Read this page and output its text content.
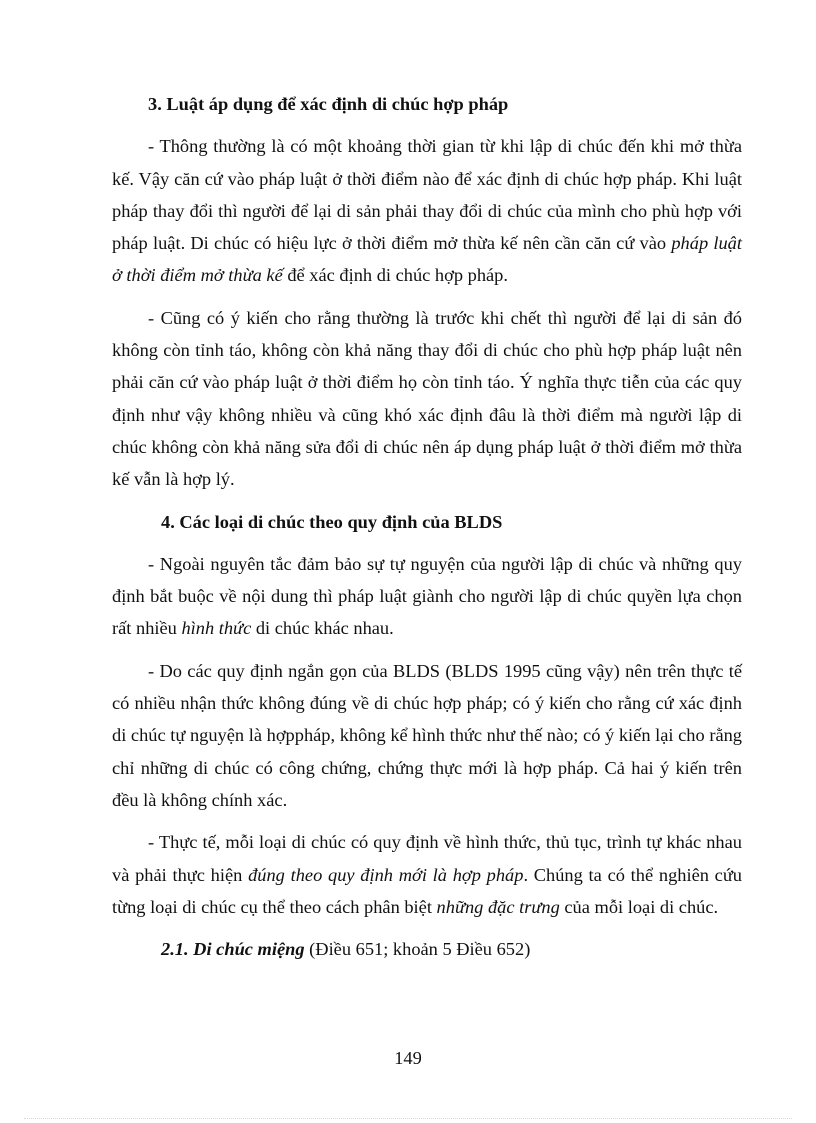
3. Luật áp dụng để xác định di chúc hợp pháp

- Thông thường là có một khoảng thời gian từ khi lập di chúc đến khi mở thừa kế. Vậy căn cứ vào pháp luật ở thời điểm nào để xác định di chúc hợp pháp. Khi luật pháp thay đổi thì người để lại di sản phải thay đổi di chúc của mình cho phù hợp với pháp luật. Di chúc có hiệu lực ở thời điểm mở thừa kế nên cần căn cứ vào pháp luật ở thời điểm mở thừa kế để xác định di chúc hợp pháp.

- Cũng có ý kiến cho rằng thường là trước khi chết thì người để lại di sản đó không còn tỉnh táo, không còn khả năng thay đổi di chúc cho phù hợp pháp luật nên phải căn cứ vào pháp luật ở thời điểm họ còn tỉnh táo. Ý nghĩa thực tiễn của các quy định như vậy không nhiều và cũng khó xác định đâu là thời điểm mà người lập di chúc không còn khả năng sửa đổi di chúc nên áp dụng pháp luật ở thời điểm mở thừa kế vẫn là hợp lý.

4. Các loại di chúc theo quy định của BLDS

- Ngoài nguyên tắc đảm bảo sự tự nguyện của người lập di chúc và những quy định bắt buộc về nội dung thì pháp luật giành cho người lập di chúc quyền lựa chọn rất nhiều hình thức di chúc khác nhau.

- Do các quy định ngắn gọn của BLDS (BLDS 1995 cũng vậy) nên trên thực tế có nhiều nhận thức không đúng về di chúc hợp pháp; có ý kiến cho rằng cứ xác định di chúc tự nguyện là hợppháp, không kể hình thức như thế nào; có ý kiến lại cho rằng chỉ những di chúc có công chứng, chứng thực mới là hợp pháp. Cả hai ý kiến trên đều là không chính xác.

- Thực tế, mỗi loại di chúc có quy định về hình thức, thủ tục, trình tự khác nhau và phải thực hiện đúng theo quy định mới là hợp pháp. Chúng ta có thể nghiên cứu từng loại di chúc cụ thể theo cách phân biệt những đặc trưng của mỗi loại di chúc.

2.1. Di chúc miệng (Điều 651; khoản 5 Điều 652)

149
